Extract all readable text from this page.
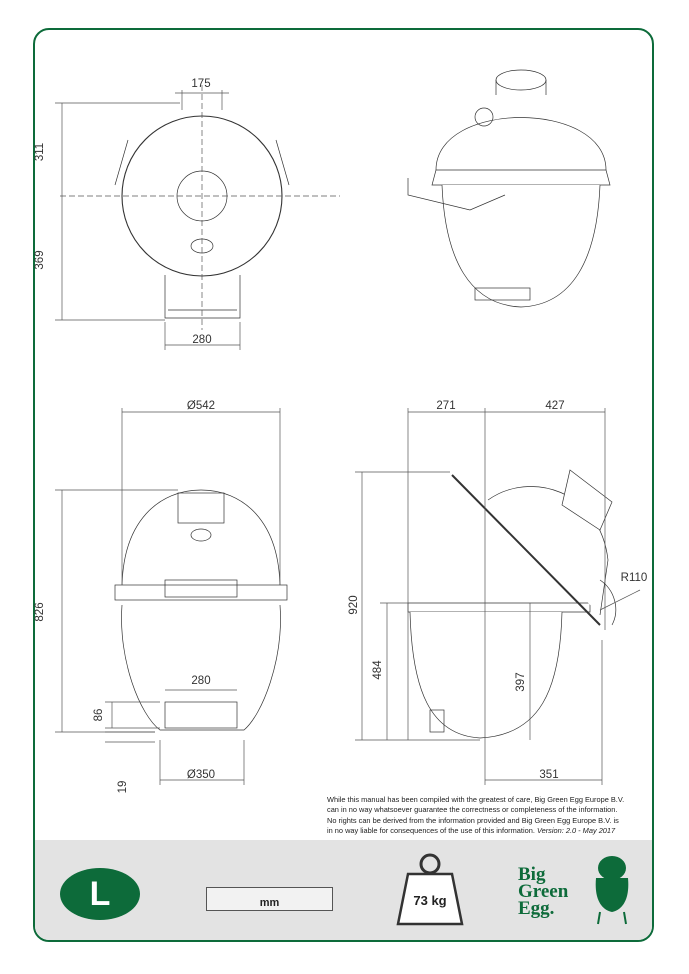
175
311
369
280
Ø542
826
280
86
19
Ø350
271	427
920
484
397
R110
351
While this manual has been compiled with the greatest of care, Big Green Egg Europe B.V.
can in no way whatsoever guarantee the correctness or completeness of the information.
No rights can be derived from the information provided and Big Green Egg Europe B.V. is
in no way liable for consequences of the use of this information. Version: 2.0 - May 2017
L	mm	73 kg
Big
Green
Egg.
